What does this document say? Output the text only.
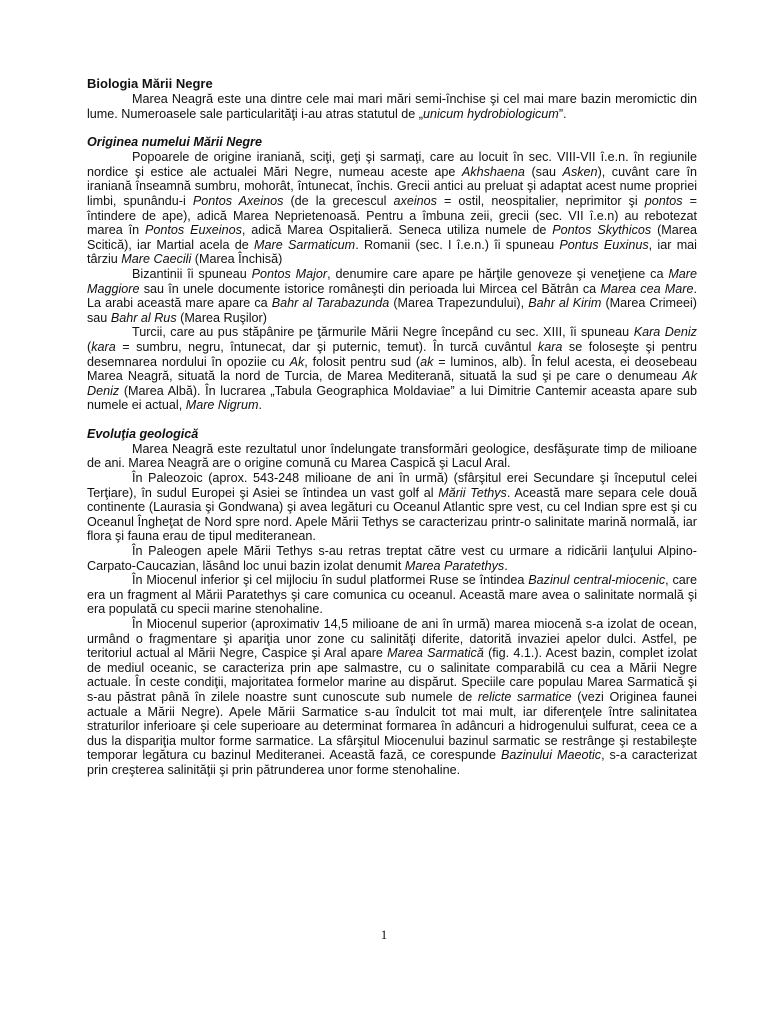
Biologia Mării Negre

Marea Neagră este una dintre cele mai mari mări semi-închise şi cel mai mare bazin meromictic din lume. Numeroasele sale particularităţi i-au atras statutul de „unicum hydrobiologicum”.

Originea numelui Mării Negre

Popoarele de origine iraniană, sciţi, geţi şi sarmaţi, care au locuit în sec. VIII-VII î.e.n. în regiunile nordice şi estice ale actualei Mări Negre, numeau aceste ape Akhshaena (sau Asken), cuvânt care în iraniană înseamnă sumbru, mohorât, întunecat, închis. Grecii antici au preluat şi adaptat acest nume propriei limbi, spunându-i Pontos Axeinos (de la grecescul axeinos = ostil, neospitalier, neprimitor şi pontos = întindere de ape), adică Marea Neprietenoasă. Pentru a îmbuna zeii, grecii (sec. VII î.e.n) au rebotezat marea în Pontos Euxeinos, adică Marea Ospitalieră. Seneca utiliza numele de Pontos Skythicos (Marea Scitică), iar Martial acela de Mare Sarmaticum. Romanii (sec. I î.e.n.) îi spuneau Pontus Euxinus, iar mai târziu Mare Caecili (Marea Închisă)

Bizantinii îi spuneau Pontos Major, denumire care apare pe hărţile genoveze şi veneţiene ca Mare Maggiore sau în unele documente istorice româneşti din perioada lui Mircea cel Bătrân ca Marea cea Mare. La arabi această mare apare ca Bahr al Tarabazunda (Marea Trapezundului), Bahr al Kirim (Marea Crimeei) sau Bahr al Rus (Marea Ruşilor)

Turcii, care au pus stăpânire pe ţărmurile Mării Negre începând cu sec. XIII, îi spuneau Kara Deniz (kara = sumbru, negru, întunecat, dar şi puternic, temut). În turcă cuvântul kara se foloseşte şi pentru desemnarea nordului în opoziie cu Ak, folosit pentru sud (ak = luminos, alb). În felul acesta, ei deosebeau Marea Neagră, situată la nord de Turcia, de Marea Mediterană, situată la sud şi pe care o denumeau Ak Deniz (Marea Albă). În lucrarea „Tabula Geographica Moldaviae” a lui Dimitrie Cantemir aceasta apare sub numele ei actual, Mare Nigrum.

Evoluţia geologică

Marea Neagră este rezultatul unor îndelungate transformări geologice, desfăşurate timp de milioane de ani. Marea Neagră are o origine comună cu Marea Caspică şi Lacul Aral.

În Paleozoic (aprox. 543-248 milioane de ani în urmă) (sfârşitul erei Secundare şi începutul celei Terţiare), în sudul Europei şi Asiei se întindea un vast golf al Mării Tethys. Această mare separa cele două continente (Laurasia şi Gondwana) şi avea legături cu Oceanul Atlantic spre vest, cu cel Indian spre est şi cu Oceanul Îngheţat de Nord spre nord. Apele Mării Tethys se caracterizau printr-o salinitate marină normală, iar flora şi fauna erau de tipul mediteranean.

În Paleogen apele Mării Tethys s-au retras treptat către vest cu urmare a ridicării lanţului Alpino-Carpato-Caucazian, lăsând loc unui bazin izolat denumit Marea Paratethys.

În Miocenul inferior şi cel mijlociu în sudul platformei Ruse se întindea Bazinul central-miocenic, care era un fragment al Mării Paratethys şi care comunica cu oceanul. Această mare avea o salinitate normală şi era populată cu specii marine stenohaline.

În Miocenul superior (aproximativ 14,5 milioane de ani în urmă) marea miocenă s-a izolat de ocean, urmând o fragmentare şi apariţia unor zone cu salinităţi diferite, datorită invaziei apelor dulci. Astfel, pe teritoriul actual al Mării Negre, Caspice şi Aral apare Marea Sarmatică (fig. 4.1.). Acest bazin, complet izolat de mediul oceanic, se caracteriza prin ape salmastre, cu o salinitate comparabilă cu cea a Mării Negre actuale. În ceste condiţii, majoritatea formelor marine au dispărut. Speciile care populau Marea Sarmatică şi s-au păstrat până în zilele noastre sunt cunoscute sub numele de relicte sarmatice (vezi Originea faunei actuale a Mării Negre). Apele Mării Sarmatice s-au îndulcit tot mai mult, iar diferenţele între salinitatea straturilor inferioare şi cele superioare au determinat formarea în adâncuri a hidrogenului sulfurat, ceea ce a dus la dispariţia multor forme sarmatice. La sfârşitul Miocenului bazinul sarmatic se restrânge şi restabileşte temporar legătura cu bazinul Mediteranei. Această fază, ce corespunde Bazinului Maeotic, s-a caracterizat prin creşterea salinităţii şi prin pătrunderea unor forme stenohaline.

1
